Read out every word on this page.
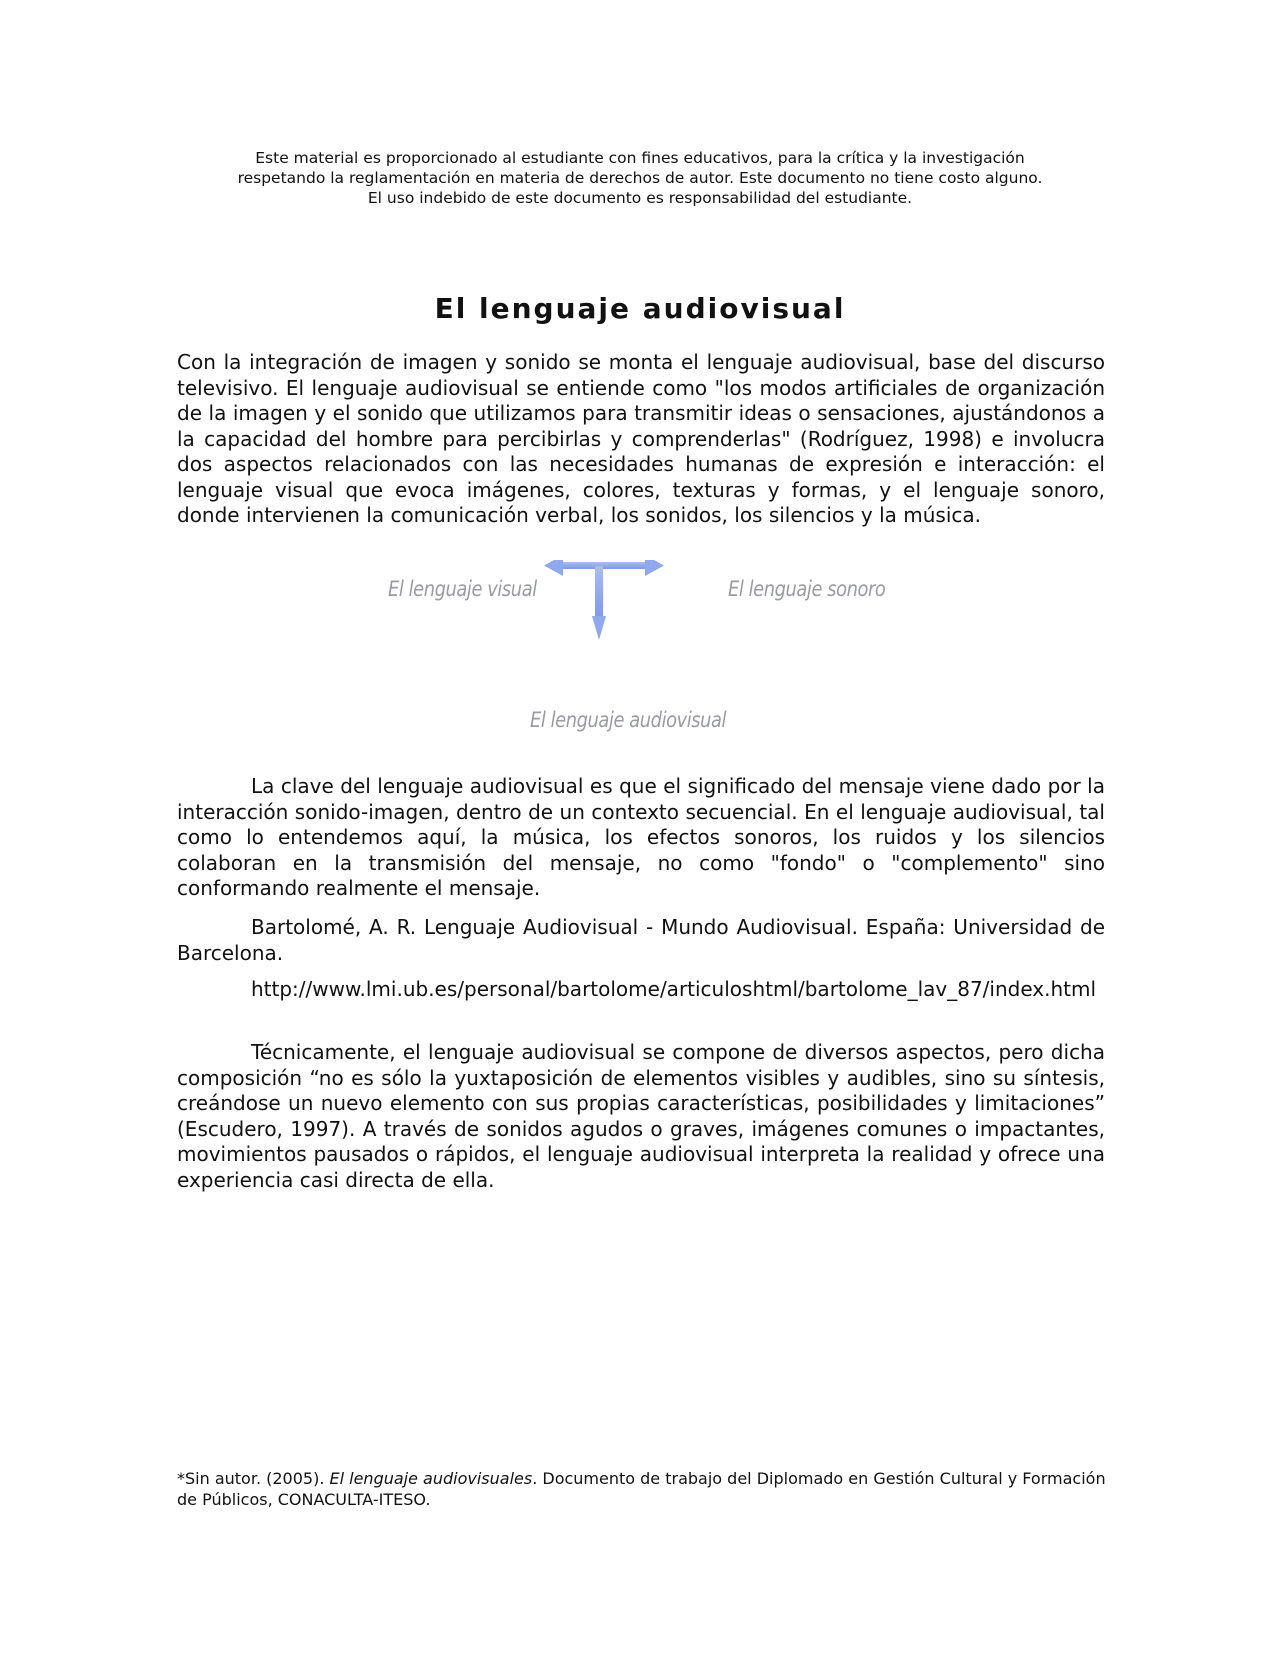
Este material es proporcionado al estudiante con fines educativos, para la crítica y la investigación
respetando la reglamentación en materia de derechos de autor. Este documento no tiene costo alguno.
El uso indebido de este documento es responsabilidad del estudiante.
El lenguaje audiovisual

Con la integración de imagen y sonido se monta el lenguaje audiovisual, base del discurso televisivo. El lenguaje audiovisual se entiende como "los modos artificiales de organización de la imagen y el sonido que utilizamos para transmitir ideas o sensaciones, ajustándonos a la capacidad del hombre para percibirlas y comprenderlas" (Rodríguez, 1998) e involucra dos aspectos relacionados con las necesidades humanas de expresión e interacción: el lenguaje visual que evoca imágenes, colores, texturas y formas, y el lenguaje sonoro, donde intervienen la comunicación verbal, los sonidos, los silencios y la música.

El lenguaje visual	El lenguaje sonoro
El lenguaje audiovisual

La clave del lenguaje audiovisual es que el significado del mensaje viene dado por la interacción sonido-imagen, dentro de un contexto secuencial. En el lenguaje audiovisual, tal como lo entendemos aquí, la música, los efectos sonoros, los ruidos y los silencios colaboran en la transmisión del mensaje, no como "fondo" o "complemento" sino conformando realmente el mensaje.

Bartolomé, A. R. Lenguaje Audiovisual - Mundo Audiovisual. España: Universidad de Barcelona.

http://www.lmi.ub.es/personal/bartolome/articuloshtml/bartolome_lav_87/index.html

Técnicamente, el lenguaje audiovisual se compone de diversos aspectos, pero dicha composición “no es sólo la yuxtaposición de elementos visibles y audibles, sino su síntesis, creándose un nuevo elemento con sus propias características, posibilidades y limitaciones” (Escudero, 1997). A través de sonidos agudos o graves, imágenes comunes o impactantes, movimientos pausados o rápidos, el lenguaje audiovisual interpreta la realidad y ofrece una experiencia casi directa de ella.

*Sin autor. (2005). El lenguaje audiovisuales. Documento de trabajo del Diplomado en Gestión Cultural y Formación de Públicos, CONACULTA-ITESO.
